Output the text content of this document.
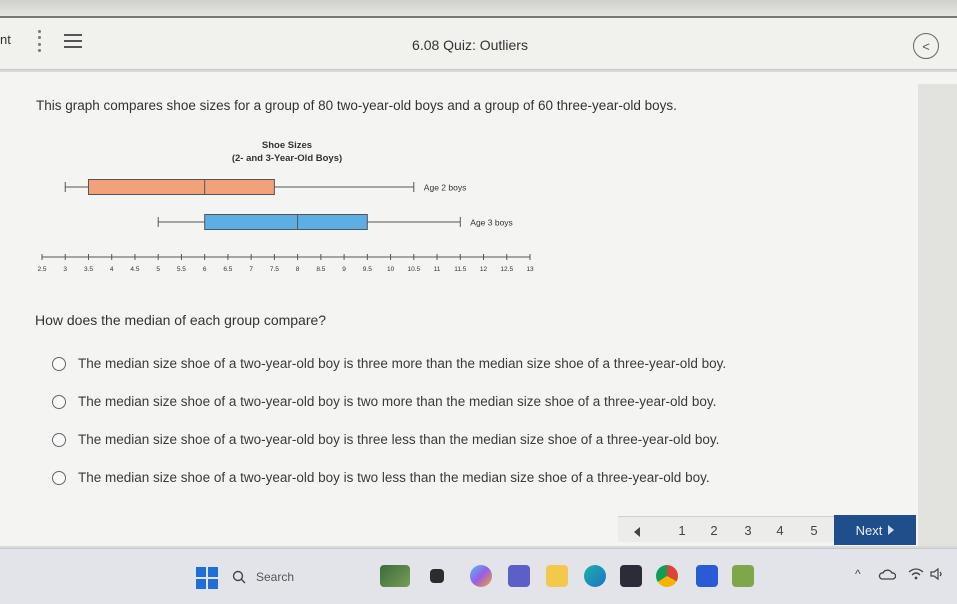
nt	6.08 Quiz: Outliers	<
This graph compares shoe sizes for a group of 80 two-year-old boys and a group of 60 three-year-old boys.
Shoe Sizes
(2- and 3-Year-Old Boys)
Age 2 boys
Age 3 boys
2.5	3	3.5	4	4.5	5	5.5	6	6.5	7	7.5	8	8.5	9	9.5 10 10.5 11 11.5 12 12.5 13
How does the median of each group compare?
The median size shoe of a two-year-old boy is three more than the median size shoe of a three-year-old boy.
The median size shoe of a two-year-old boy is two more than the median size shoe of a three-year-old boy.
The median size shoe of a two-year-old boy is three less than the median size shoe of a three-year-old boy.
The median size shoe of a two-year-old boy is two less than the median size shoe of a three-year-old boy.
1	2	3	4	5	Next
Search	^
